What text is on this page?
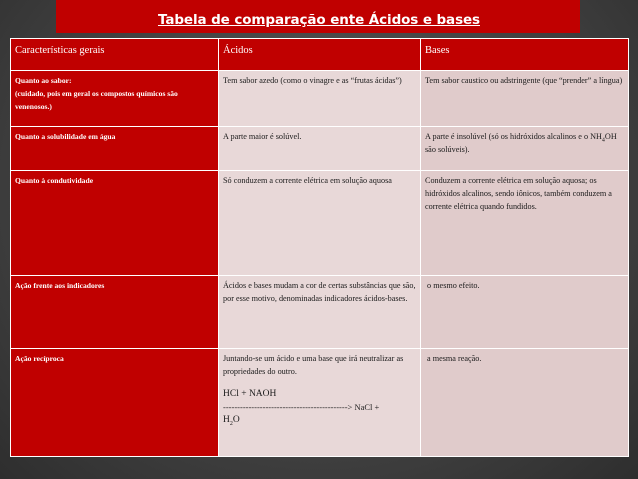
Tabela de comparação ente Ácidos e bases
Características gerais	Ácidos	Bases

Quanto ao sabor:
(cuidado, pois em geral os compostos químicos são venenosos.)	Tem sabor azedo (como o vinagre e as “frutas ácidas”)	Tem sabor caustico ou adstringente (que “prender” a língua)
Quanto a solubilidade em água	A parte maior é solúvel.	A parte é insolúvel (só os hidróxidos alcalinos e o $NH_4OH$ são solúveis).
Quanto à condutividade	Só conduzem a corrente elétrica em solução aquosa	Conduzem a corrente elétrica em solução aquosa; os hidróxidos alcalinos, sendo iônicos, também conduzem a corrente elétrica quando fundidos.
Ação frente aos indicadores	Ácidos e bases mudam a cor de certas substâncias que são, por esse motivo, denominadas indicadores ácidos-bases.	o mesmo efeito.
Ação recíproca	Juntando-se um ácido e uma base que irá neutralizar as propriedades do outro.
HCl + NAOH
--------------------------------------------> NaCl +
$H_2O$	a mesma reação.
